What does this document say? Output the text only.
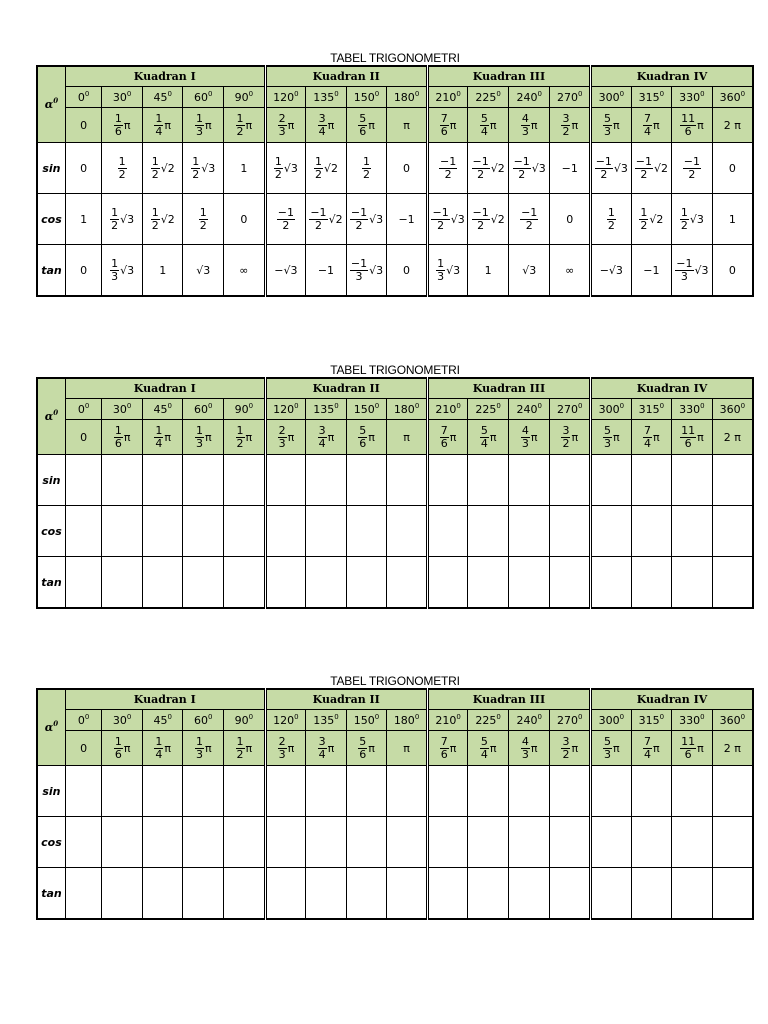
TABEL TRIGONOMETRI
$\alpha^0$	Kuadran I					Kuadran II				Kuadran III				Kuadran IV			
	$0^0$	$30^0$	$45^0$	$60^0$	$90^0$	$120^0$	$135^0$	$150^0$	$180^0$	$210^0$	$225^0$	$240^0$	$270^0$	$300^0$	$315^0$	$330^0$	$360^0$

	0	$\frac{1}{6}$ π	$\frac{1}{4}$ π	$\frac{1}{3}$ π	$\frac{1}{2}$ π	$\frac{2}{3}$ π	$\frac{3}{4}$ π	$\frac{5}{6}$ π	π	$\frac{7}{6}$ π	$\frac{5}{4}$ π	$\frac{4}{3}$ π	$\frac{3}{2}$ π	$\frac{5}{3}$ π	$\frac{7}{4}$ π	$\frac{11}{6}$ π	2 π

sin	0	$\frac{1}{2}$	$\frac{1}{2} √2$	$\frac{1}{2} √3$	1	$\frac{1}{2} √3$	$\frac{1}{2} √2$	$\frac{1}{2}$	0	$\frac{-1}{2}$	$\frac{-1}{2} √2$	$\frac{-1}{2} √3$	−1	$\frac{-1}{2} √3$	$\frac{-1}{2} √2$	$\frac{-1}{2}$	0

cos	1	$\frac{1}{2} √3$	$\frac{1}{2} √2$	$\frac{1}{2}$	0	$\frac{-1}{2}$	$\frac{-1}{2} √2$	$\frac{-1}{2} √3$	−1	$\frac{-1}{2} √3$	$\frac{-1}{2} √2$	$\frac{-1}{2}$	0	$\frac{1}{2}$	$\frac{1}{2} √2$	$\frac{1}{2} √3$	1

tan	0	$\frac{1}{3} √3$	1	√3	∞	−√3	−1	$\frac{-1}{3} √3$	0	$\frac{1}{3} √3$	1	√3	∞	−√3	−1	$\frac{-1}{3} √3$	0
TABEL TRIGONOMETRI
$\alpha^0$	Kuadran I					Kuadran II				Kuadran III				Kuadran IV			
	$0^0$	$30^0$	$45^0$	$60^0$	$90^0$	$120^0$	$135^0$	$150^0$	$180^0$	$210^0$	$225^0$	$240^0$	$270^0$	$300^0$	$315^0$	$330^0$	$360^0$

	0	$\frac{1}{6}$ π	$\frac{1}{4}$ π	$\frac{1}{3}$ π	$\frac{1}{2}$ π	$\frac{2}{3}$ π	$\frac{3}{4}$ π	$\frac{5}{6}$ π	π	$\frac{7}{6}$ π	$\frac{5}{4}$ π	$\frac{4}{3}$ π	$\frac{3}{2}$ π	$\frac{5}{3}$ π	$\frac{7}{4}$ π	$\frac{11}{6}$ π	2 π

sin																	
cos																	
tan																	
TABEL TRIGONOMETRI
$\alpha^0$	Kuadran I					Kuadran II				Kuadran III				Kuadran IV			
	$0^0$	$30^0$	$45^0$	$60^0$	$90^0$	$120^0$	$135^0$	$150^0$	$180^0$	$210^0$	$225^0$	$240^0$	$270^0$	$300^0$	$315^0$	$330^0$	$360^0$

	0	$\frac{1}{6}$ π	$\frac{1}{4}$ π	$\frac{1}{3}$ π	$\frac{1}{2}$ π	$\frac{2}{3}$ π	$\frac{3}{4}$ π	$\frac{5}{6}$ π	π	$\frac{7}{6}$ π	$\frac{5}{4}$ π	$\frac{4}{3}$ π	$\frac{3}{2}$ π	$\frac{5}{3}$ π	$\frac{7}{4}$ π	$\frac{11}{6}$ π	2 π

sin																	
cos																	
tan																	
